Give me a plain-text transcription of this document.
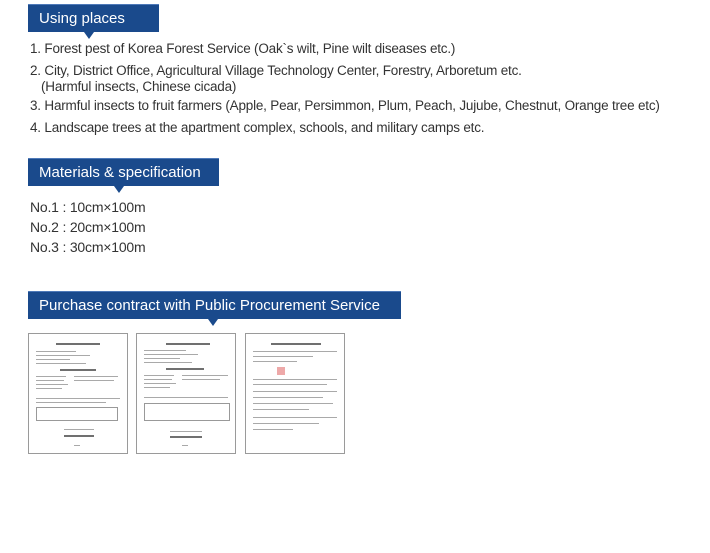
Using places
1. Forest pest of Korea Forest Service (Oak`s wilt, Pine wilt diseases etc.)
2. City, District Office, Agricultural Village Technology Center, Forestry, Arboretum etc.
(Harmful insects, Chinese cicada)
3. Harmful insects to fruit farmers (Apple, Pear, Persimmon, Plum, Peach, Jujube, Chestnut, Orange tree etc)
4. Landscape trees at the apartment complex, schools, and military camps etc.
Materials & specification
No.1 : 10cm×100m
No.2 : 20cm×100m
No.3 : 30cm×100m
Purchase contract with Public Procurement Service
